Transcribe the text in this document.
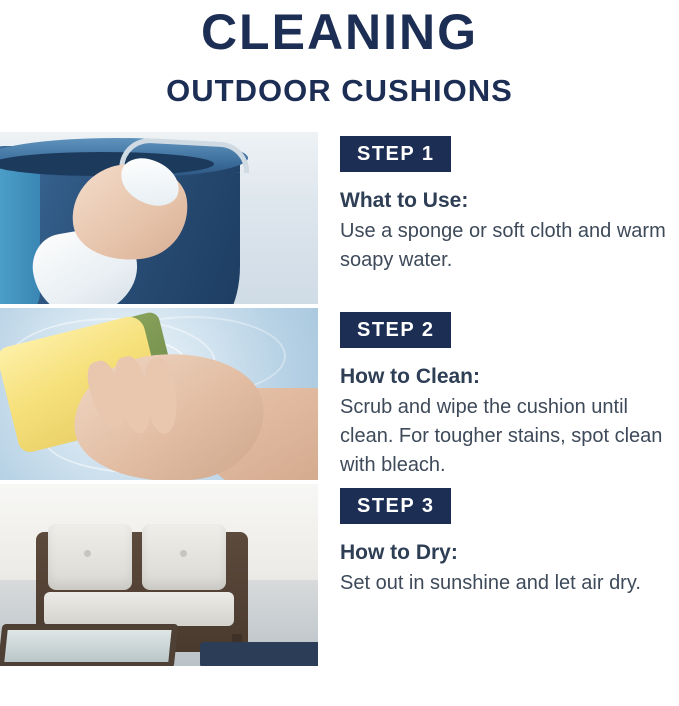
CLEANING
OUTDOOR CUSHIONS
STEP 1
What to Use:
Use a sponge or soft cloth and warm soapy water.
STEP 2
How to Clean:
Scrub and wipe the cushion until clean. For tougher stains, spot clean with bleach.
STEP 3
How to Dry:
Set out in sunshine and let air dry.
